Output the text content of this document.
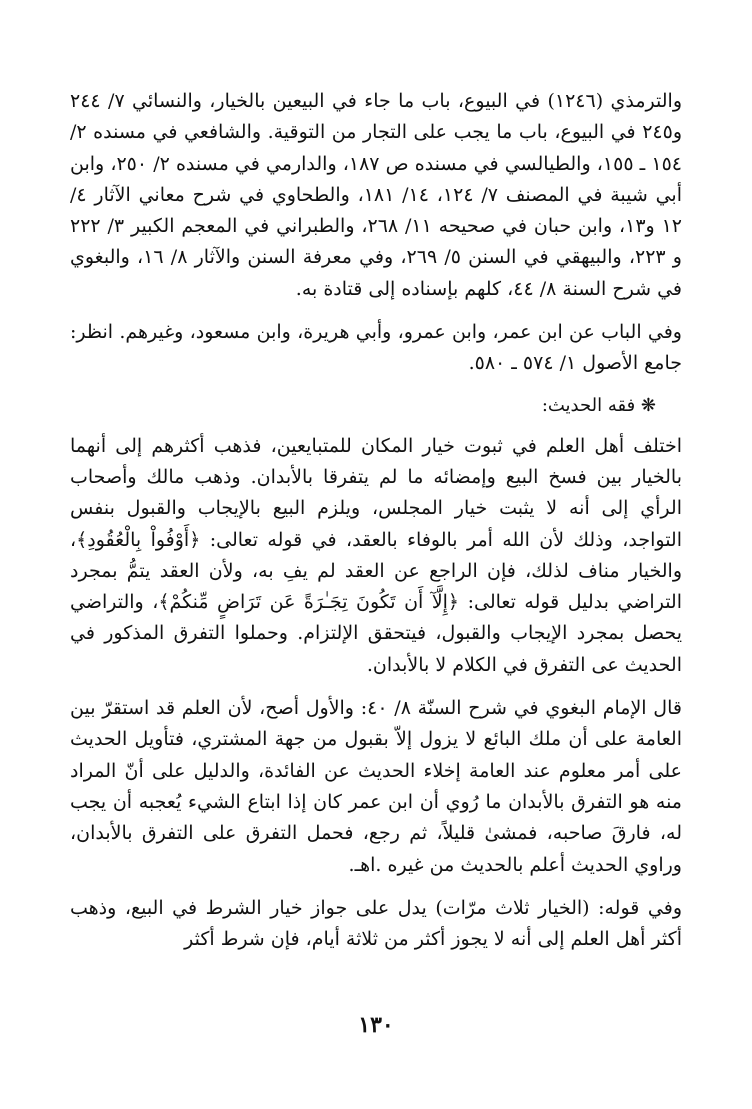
والترمذي (١٢٤٦) في البيوع، باب ما جاء في البيعين بالخيار، والنسائي ٧/ ٢٤٤ و٢٤٥ في البيوع، باب ما يجب على التجار من التوقية. والشافعي في مسنده ٢/ ١٥٤ ـ ١٥٥، والطيالسي في مسنده ص ١٨٧، والدارمي في مسنده ٢/ ٢٥٠، وابن أبي شيبة في المصنف ٧/ ١٢٤، ١٤/ ١٨١، والطحاوي في شرح معاني الآثار ٤/ ١٢ و١٣، وابن حبان في صحيحه ١١/ ٢٦٨، والطبراني في المعجم الكبير ٣/ ٢٢٢ و ٢٢٣، والبيهقي في السنن ٥/ ٢٦٩، وفي معرفة السنن والآثار ٨/ ١٦، والبغوي في شرح السنة ٨/ ٤٤، كلهم بإسناده إلى قتادة به.

وفي الباب عن ابن عمر، وابن عمرو، وأبي هريرة، وابن مسعود، وغيرهم. انظر: جامع الأصول ١/ ٥٧٤ ـ ٥٨٠.

❋ فقه الحديث:

اختلف أهل العلم في ثبوت خيار المكان للمتبايعين، فذهب أكثرهم إلى أنهما بالخيار بين فسخ البيع وإمضائه ما لم يتفرقا بالأبدان. وذهب مالك وأصحاب الرأي إلى أنه لا يثبت خيار المجلس، ويلزم البيع بالإيجاب والقبول بنفس التواجد، وذلك لأن الله أمر بالوفاء بالعقد، في قوله تعالى: ﴿أَوْفُواْ بِالْعُقُودِ﴾، والخيار مناف لذلك، فإن الراجع عن العقد لم يفِ به، ولأن العقد يتمُّ بمجرد التراضي بدليل قوله تعالى: ﴿إِلَّآ أَن تَكُونَ تِجَـٰرَةً عَن تَرَاضٍ مِّنكُمْ﴾، والتراضي يحصل بمجرد الإيجاب والقبول، فيتحقق الإلتزام. وحملوا التفرق المذكور في الحديث عى التفرق في الكلام لا بالأبدان.

قال الإمام البغوي في شرح السنّة ٨/ ٤٠: والأول أصح، لأن العلم قد استقرّ بين العامة على أن ملك البائع لا يزول إلاّ بقبول من جهة المشتري، فتأويل الحديث على أمر معلوم عند العامة إخلاء الحديث عن الفائدة، والدليل على أنّ المراد منه هو التفرق بالأبدان ما رُوي أن ابن عمر كان إذا ابتاع الشيء يُعجبه أن يجب له، فارقَ صاحبه، فمشىٰ قليلاً، ثم رجع، فحمل التفرق على التفرق بالأبدان، وراوي الحديث أعلم بالحديث من غيره .اهـ.

وفي قوله: (الخيار ثلاث مرّات) يدل على جواز خيار الشرط في البيع، وذهب أكثر أهل العلم إلى أنه لا يجوز أكثر من ثلاثة أيام، فإن شرط أكثر

١٣٠
